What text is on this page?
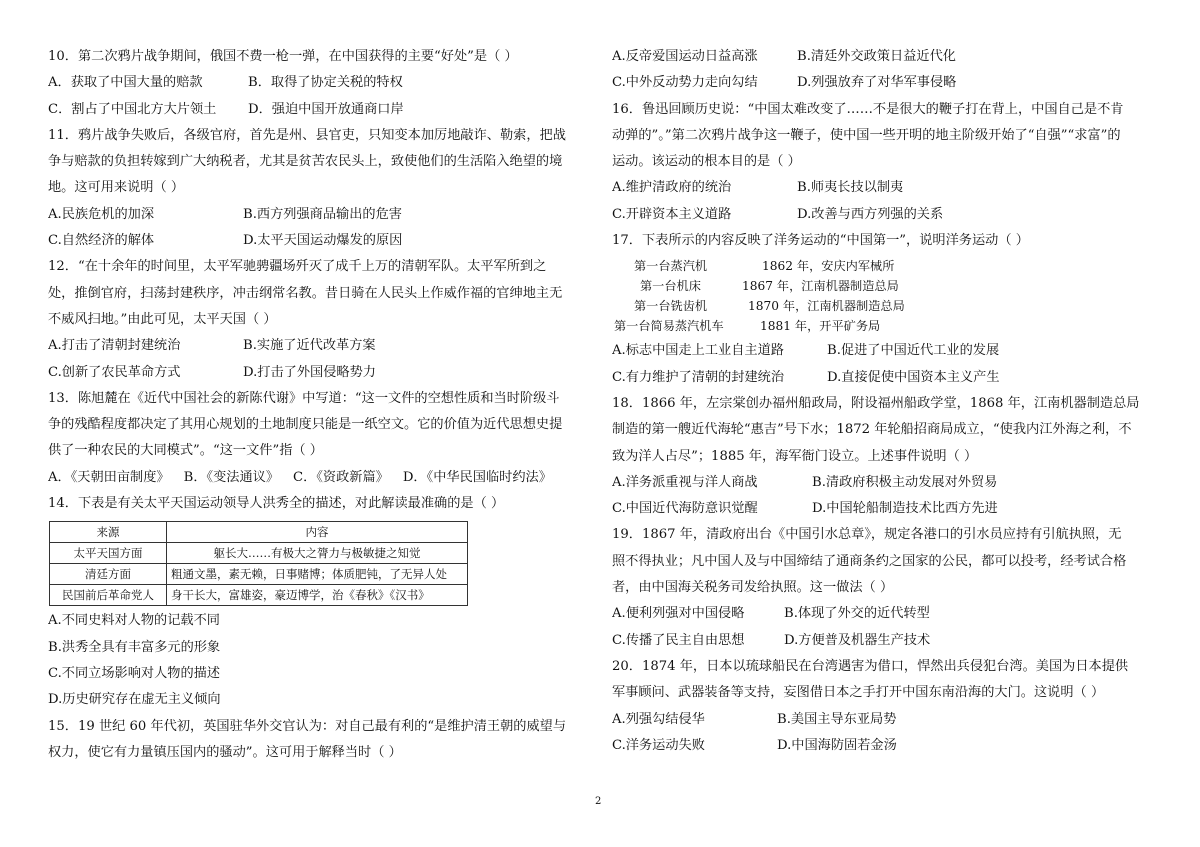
10．第二次鸦片战争期间，俄国不费一枪一弹，在中国获得的主要“好处”是（ ）
A．获取了中国大量的赔款	B．取得了协定关税的特权
C．割占了中国北方大片领土	D．强迫中国开放通商口岸
11．鸦片战争失败后，各级官府，首先是州、县官吏，只知变本加厉地敲诈、勒索，把战
争与赔款的负担转嫁到广大纳税者，尤其是贫苦农民头上，致使他们的生活陷入绝望的境
地。这可用来说明（ ）
A.民族危机的加深	B.西方列强商品输出的危害
C.自然经济的解体	D.太平天国运动爆发的原因
12．“在十余年的时间里，太平军驰骋疆场歼灭了成千上万的清朝军队。太平军所到之
处，推倒官府，扫荡封建秩序，冲击纲常名教。昔日骑在人民头上作威作福的官绅地主无
不威风扫地。”由此可见，太平天国（ ）
A.打击了清朝封建统治	B.实施了近代改革方案
C.创新了农民革命方式	D.打击了外国侵略势力
13．陈旭麓在《近代中国社会的新陈代谢》中写道：“这一文件的空想性质和当时阶级斗
争的残酷程度都决定了其用心规划的土地制度只能是一纸空文。它的价值为近代思想史提
供了一种农民的大同模式”。“这一文件”指（ ）
A．《天朝田亩制度》 B．《变法通议》 C．《资政新篇》 D．《中华民国临时约法》
14．下表是有关太平天国运动领导人洪秀全的描述，对此解读最准确的是（ ）
来源	内容
太平天国方面	躯长大……有极大之膂力与极敏捷之知觉
清廷方面	粗通文墨，素无赖，日事赌博；体质肥钝，了无异人处
民国前后革命党人	身干长大，富雄姿，豪迈博学，治《春秋》《汉书》
A.不同史料对人物的记载不同
B.洪秀全具有丰富多元的形象
C.不同立场影响对人物的描述
D.历史研究存在虚无主义倾向
15．19 世纪 60 年代初，英国驻华外交官认为：对自己最有利的“是维护清王朝的威望与
权力，使它有力量镇压国内的骚动”。这可用于解释当时（ ）
A.反帝爱国运动日益高涨	B.清廷外交政策日益近代化
C.中外反动势力走向勾结	D.列强放弃了对华军事侵略
16．鲁迅回顾历史说：“中国太难改变了……不是很大的鞭子打在背上，中国自己是不肯
动弹的”。”第二次鸦片战争这一鞭子，使中国一些开明的地主阶级开始了“自强”“求富”的
运动。该运动的根本目的是（ ）
A.维护清政府的统治	B.师夷长技以制夷
C.开辟资本主义道路	D.改善与西方列强的关系
17．下表所示的内容反映了洋务运动的“中国第一”，说明洋务运动（ ）
第一台蒸汽机	1862 年，安庆内军械所
第一台机床	1867 年，江南机器制造总局
第一台铣齿机	1870 年，江南机器制造总局
第一台简易蒸汽机车	1881 年，开平矿务局
A.标志中国走上工业自主道路	B.促进了中国近代工业的发展
C.有力维护了清朝的封建统治	D.直接促使中国资本主义产生
18．1866 年，左宗棠创办福州船政局，附设福州船政学堂，1868 年，江南机器制造总局
制造的第一艘近代海轮“惠吉”号下水；1872 年轮船招商局成立，“使我内江外海之利，不
致为洋人占尽”；1885 年，海军衙门设立。上述事件说明（ ）
A.洋务派重视与洋人商战	B.清政府积极主动发展对外贸易
C.中国近代海防意识觉醒	D.中国轮船制造技术比西方先进
19．1867 年，清政府出台《中国引水总章》，规定各港口的引水员应持有引航执照，无
照不得执业；凡中国人及与中国缔结了通商条约之国家的公民，都可以投考，经考试合格
者，由中国海关税务司发给执照。这一做法（ ）
A.便利列强对中国侵略	B.体现了外交的近代转型
C.传播了民主自由思想	D.方便普及机器生产技术
20．1874 年，日本以琉球船民在台湾遇害为借口，悍然出兵侵犯台湾。美国为日本提供
军事顾问、武器装备等支持，妄图借日本之手打开中国东南沿海的大门。这说明（ ）
A.列强勾结侵华	B.美国主导东亚局势
C.洋务运动失败	D.中国海防固若金汤
2
